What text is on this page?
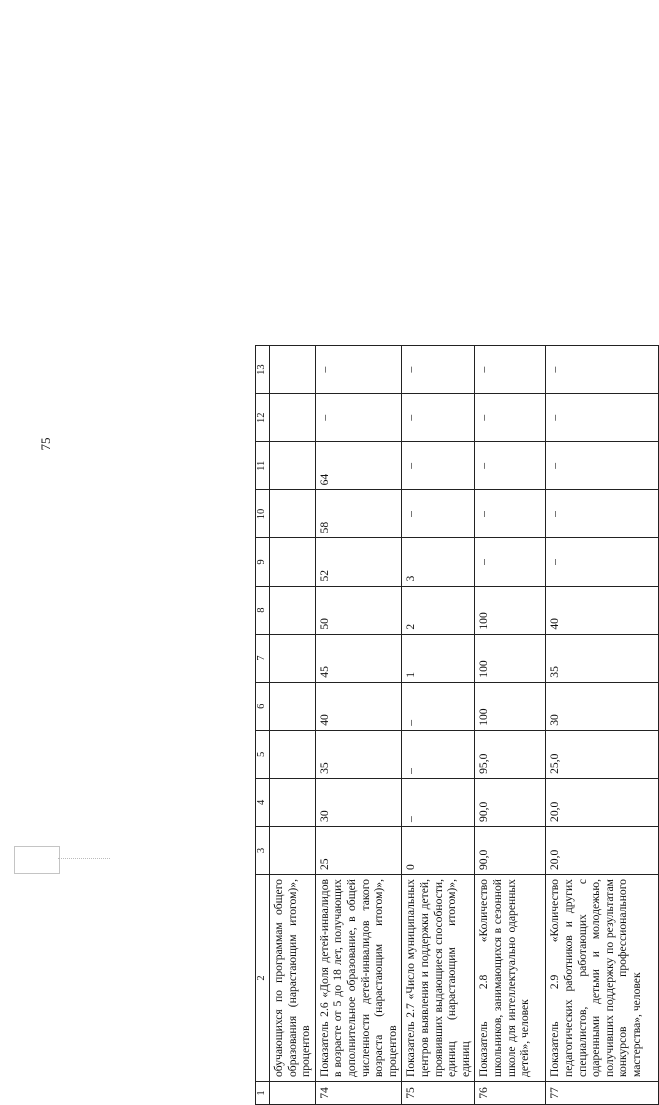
75
1	2	3	4	5	6	7	8	9	10	11	12	13
	обучающихся по программам общего образования (нарастающим итогом)», процентов											
74	Показатель 2.6 «Доля детей-инвалидов в возрасте от 5 до 18 лет, получающих дополнительное образование, в общей численности детей-инвалидов такого возраста (нарастающим итогом)», процентов	25	30	35	40	45	50	52	58	64	–	–
75	Показатель 2.7 «Число муниципальных центров выявления и поддержки детей, проявивших выдающиеся способности, единиц (нарастающим итогом)», единиц	0	–	–	–	1	2	3	–	–	–	–
76	Показатель 2.8 «Количество школьников, занимающихся в сезонной школе для интеллектуально одаренных детей», человек	90,0	90,0	95,0	100	100	100	–	–	–	–	–
77	Показатель 2.9 «Количество педагогических работников и других специалистов, работающих с одаренными детьми и молодежью, получивших поддержку по результатам конкурсов профессионального мастерства», человек	20,0	20,0	25,0	30	35	40	–	–	–	–	–
